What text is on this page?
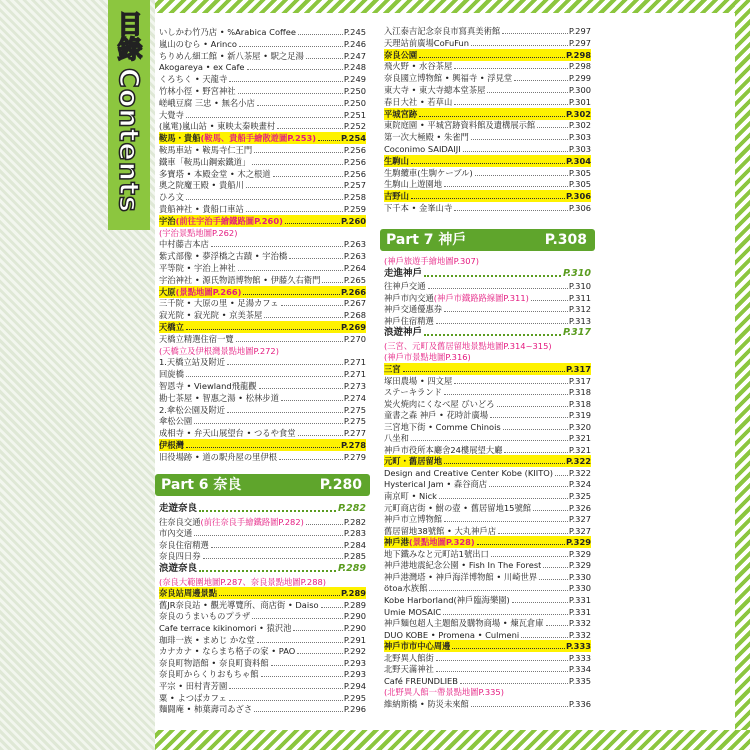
目錄
Contents
いしかわ竹乃店 • %Arabica Coffee	P.245
嵐山のむら • Arinco	P.246
ちりめん細工館 • 新八茶屋 • 駅之足湯	P.247
Akogareya • ex Cafe	P.248
くろちく • 天龍寺	P.249
竹林小徑 • 野宮神社	P.250
嵯峨豆腐 三忠 • 無名小店	P.250
大覺寺	P.251
(嵐電)嵐山站 • 東映太秦映畫村	P.252
鞍馬・貴船(鞍馬、貴船手繪散遊圖P.253)	P.254
鞍馬車站 • 鞍馬寺仁王門	P.256
鐵車「鞍馬山鋼索鐵道」	P.256
多寶塔 • 本殿金堂 • 木之根道	P.256
奧之院魔王殿 • 貴船川	P.257
ひろ文	P.258
貴船神社 • 貴船口車站	P.259
宇治(前往宇治手繪鐵路圖P.260)	P.260
(宇治景點地圖P.262)
中村藤吉本店	P.263
紫式部像 • 夢浮橋之古蹟 • 宇治橋	P.263
平等院 • 宇治上神社	P.264
宇治神社 • 源氏物語博物館 • 伊藤久右衛門	P.265
大原(景點地圖P.266)	P.266
三千院 • 大原の里 • 足湯カフェ	P.267
寂光院 • 寂光院 • 京美茶屋	P.268
天橋立	P.269
天橋立精選住宿一覽	P.270
(天橋立及伊根灣景點地圖P.272)
1.天橋立站及附近	P.271
回旋橋	P.271
智恩寺 • Viewland飛龍觀	P.273
勘七茶屋 • 智惠之湯 • 松林步道	P.274
2.傘松公園及附近	P.275
傘松公園	P.275
成相寺 • 弁天山展望台 • つるや食堂	P.277
伊根灣	P.278
旧役場跡 • 道の駅舟屋の里伊根	P.279
走遊奈良	P.282
往奈良交通(前往奈良手繪鐵路圖P.282)	P.282
市內交通	P.283
奈良住宿精選	P.284
奈良四日券	P.285
浪遊奈良	P.289
(奈良大範圍地圖P.287、奈良景點地圖P.288)
奈良站周邊景點	P.289
舊JR奈良站 • 觀光導覽所、商店街 • Daiso	P.289
奈良のうまいものプラザ	P.290
Cafe terrace kikinomori • 猿沢池	P.290
珈琲一族 • まめじ かな堂	P.291
カナカナ • ならまち格子の家 • PAO	P.292
奈良町物語館 • 奈良町資料館	P.293
奈良町からくりおもちゃ館	P.293
平宗 • 田村青芳園	P.294
粟 • よつばカフェ	P.295
麵闘庵 • 柿葉壽司ゐざさ	P.296
入江泰吉記念奈良市寫真美術館	P.297
天理站前廣場CoFuFun	P.297
奈良公園	P.298
飛火野 • 水谷茶屋	P.298
奈良國立博物館 • 興福寺 • 浮見堂	P.299
東大寺 • 東大寺總本堂茶屋	P.300
春日大社 • 若草山	P.301
平城宮跡	P.302
東院庭園 • 平城宮跡資料館及遺構展示館	P.302
第一次大極殿 • 朱雀門	P.303
Coconimo SAIDAIJI	P.303
生駒山	P.304
生駒纜車(生駒ケーブル)	P.305
生駒山上遊園地	P.305
吉野山	P.306
下千本 • 金峯山寺	P.306
(神戶旅遊手繪地圖P.307)
走進神戶	P.310
往神戶交通	P.310
神戶市內交通(神戶市鐵路路線圖P.311)	P.311
神戶交通優惠券	P.312
神戶住宿精選	P.313
浪遊神戶	P.317
(三宮、元町及舊居留地景點地圖P.314~315)
(神戶市景點地圖P.316)
三宮	P.317
塚田農場 • 四文屋	P.317
ステーキランド	P.318
炭火焼肉にくなべ屋 びいどろ	P.318
童書之森 神戶 • 花時計廣場	P.319
三宮地下街 • Comme Chinois	P.320
八坐和	P.321
神戶市役所本廳舍24樓展望大廳	P.321
元町・舊居留地	P.322
Design and Creative Center Kobe (KIITO) P.322
Hysterical Jam • 森谷商店	P.324
南京町 • Nick	P.325
元町商店街 • 鮒の壺 • 舊居留地15號館	P.326
神戶市立博物館	P.327
舊居留地38號館 • 大丸神戶店	P.327
神戶港(景點地圖P.328)	P.329
地下鐵みなと元町站1號出口	P.329
神戶港地震紀念公園 • Fish In The Forest	P.329
神戶港灣塔 • 神戶海洋博物館 • 川崎世界	P.330
ötoa水族館	P.330
Kobe Harborland(神戶臨海樂園)	P.331
Umie MOSAIC	P.331
神戶麵包超人主題館及購物商場 • 煉瓦倉庫	P.332
DUO KOBE • Promena • Culmeni	P.332
神戶市市中心周邊	P.333
北野異人館街	P.333
北野天滿神社	P.334
Café FREUNDLIEB	P.335
(北野異人館一帶景點地圖P.335)
維納斯橋 • 防災未來館	P.336
Part 6 奈良	P.280
Part 7 神戶	P.308
